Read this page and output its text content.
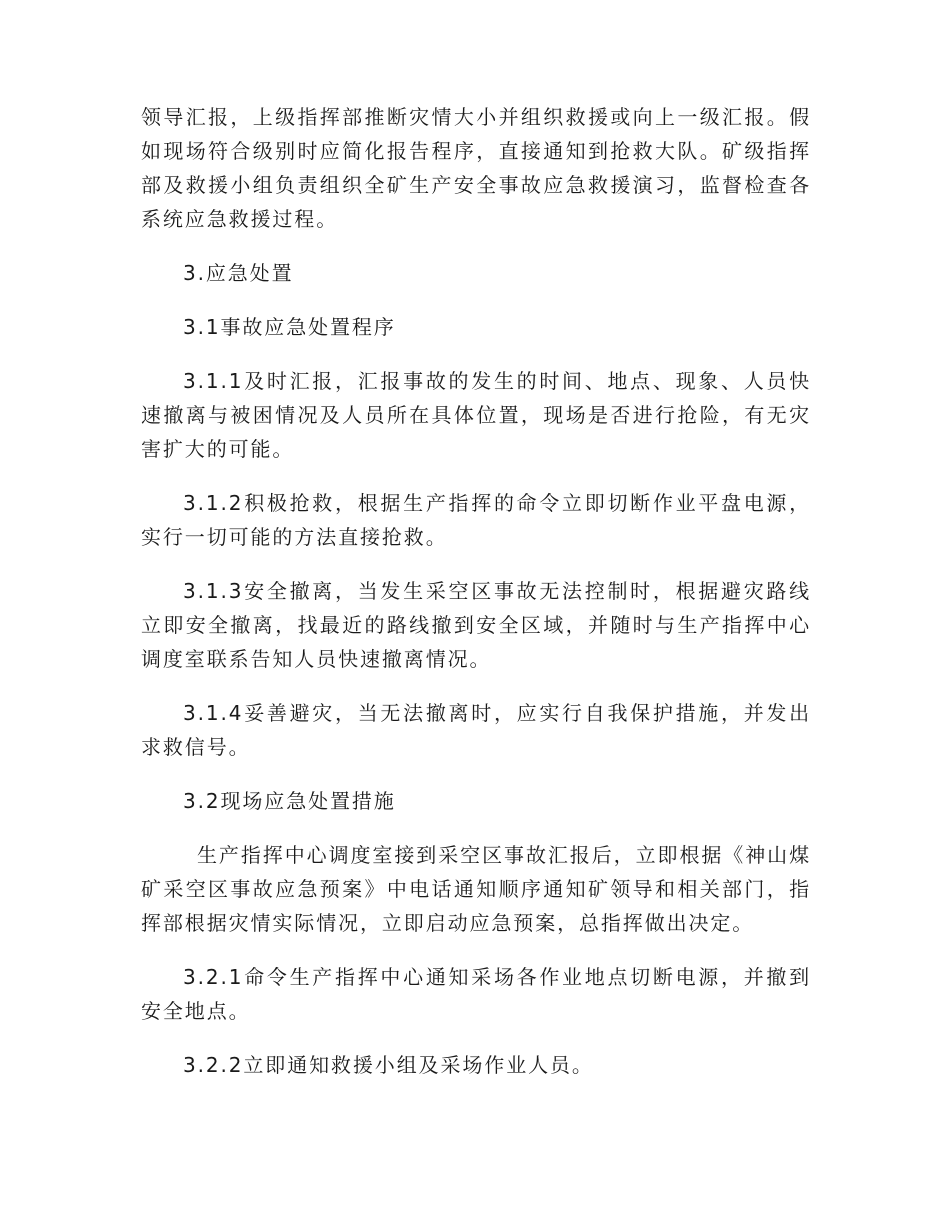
领导汇报，上级指挥部推断灾情大小并组织救援或向上一级汇报。假如现场符合级别时应简化报告程序，直接通知到抢救大队。矿级指挥部及救援小组负责组织全矿生产安全事故应急救援演习，监督检查各系统应急救援过程。

3.应急处置

3.1事故应急处置程序

3.1.1及时汇报，汇报事故的发生的时间、地点、现象、人员快速撤离与被困情况及人员所在具体位置，现场是否进行抢险，有无灾害扩大的可能。

3.1.2积极抢救，根据生产指挥的命令立即切断作业平盘电源，实行一切可能的方法直接抢救。

3.1.3安全撤离，当发生采空区事故无法控制时，根据避灾路线立即安全撤离，找最近的路线撤到安全区域，并随时与生产指挥中心调度室联系告知人员快速撤离情况。

3.1.4妥善避灾，当无法撤离时，应实行自我保护措施，并发出求救信号。

3.2现场应急处置措施

生产指挥中心调度室接到采空区事故汇报后，立即根据《神山煤矿采空区事故应急预案》中电话通知顺序通知矿领导和相关部门，指挥部根据灾情实际情况，立即启动应急预案，总指挥做出决定。

3.2.1命令生产指挥中心通知采场各作业地点切断电源，并撤到安全地点。

3.2.2立即通知救援小组及采场作业人员。
